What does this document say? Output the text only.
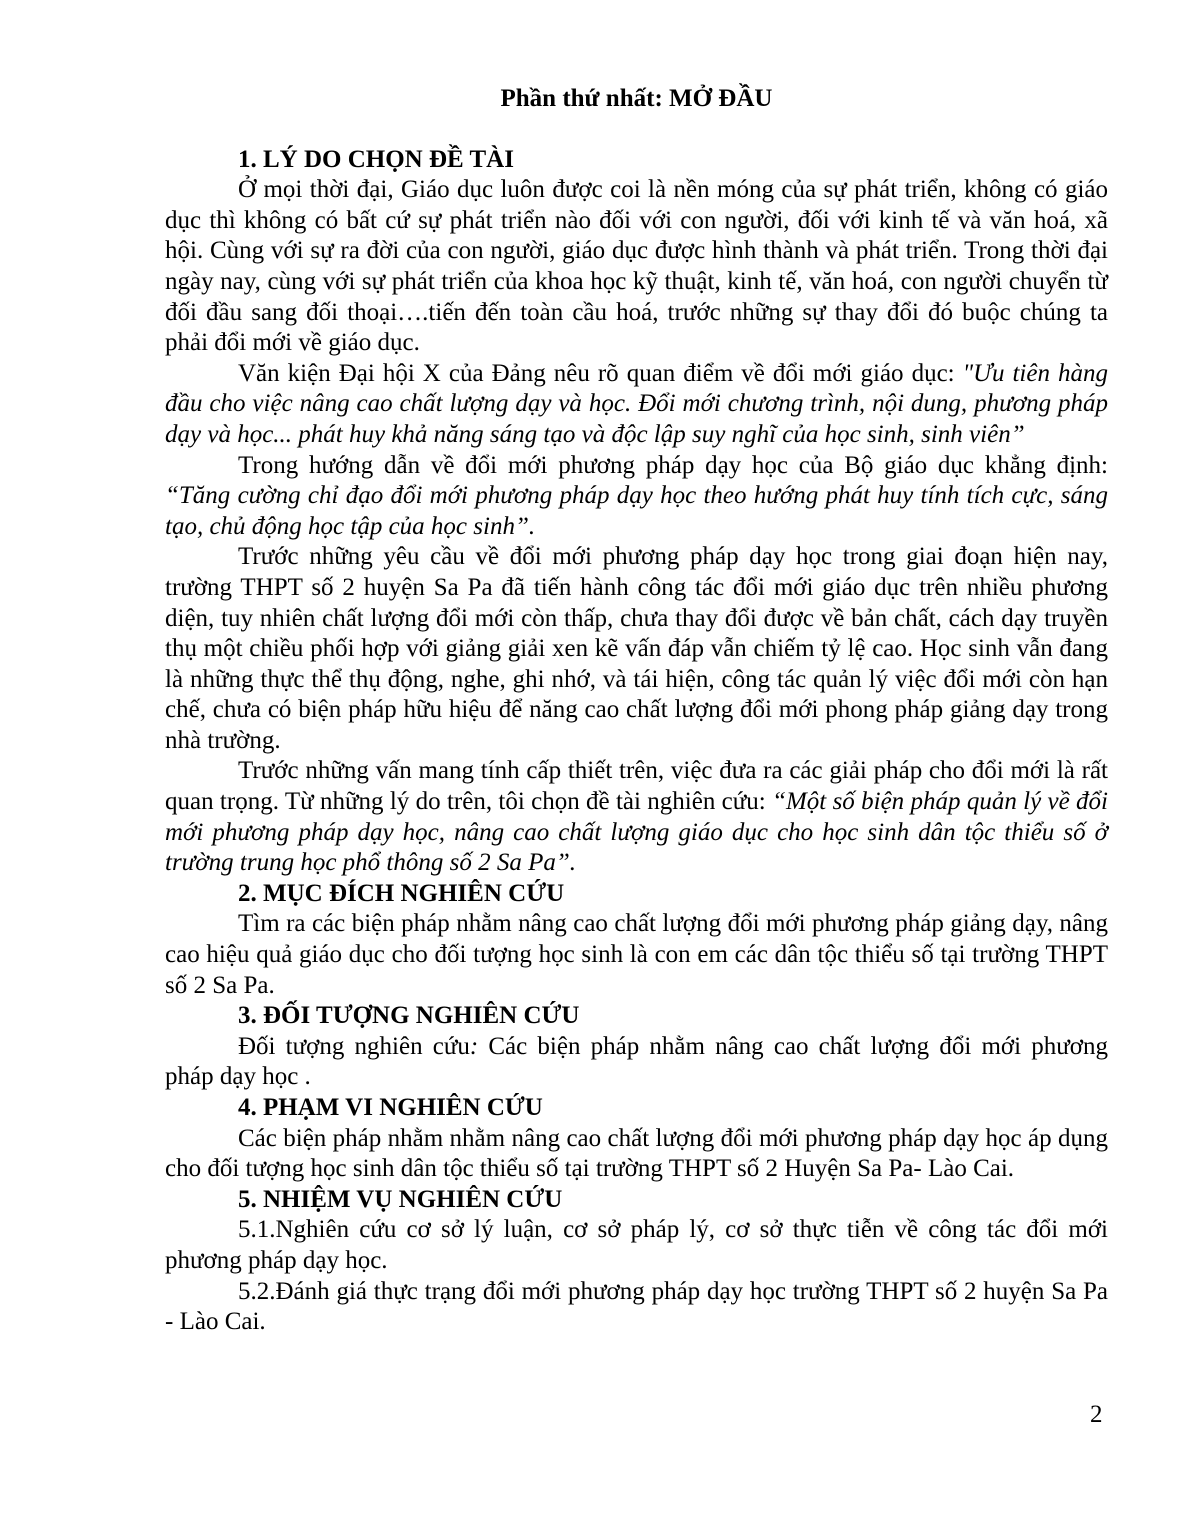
Phần thứ nhất: MỞ ĐẦU

1. LÝ DO CHỌN ĐỀ TÀI

Ở mọi thời đại, Giáo dục luôn được coi là nền móng của sự phát triển, không có giáo dục thì không có bất cứ sự phát triển nào đối với con người, đối với kinh tế và văn hoá, xã hội. Cùng với sự ra đời của con người, giáo dục được hình thành và phát triển. Trong thời đại ngày nay, cùng với sự phát triển của khoa học kỹ thuật, kinh tế, văn hoá, con người chuyển từ đối đầu sang đối thoại….tiến đến toàn cầu hoá, trước những sự thay đổi đó buộc chúng ta phải đổi mới về giáo dục.

Văn kiện Đại hội X của Đảng nêu rõ quan điểm về đổi mới giáo dục: "Ưu tiên hàng đầu cho việc nâng cao chất lượng dạy và học. Đổi mới chương trình, nội dung, phương pháp dạy và học... phát huy khả năng sáng tạo và độc lập suy nghĩ của học sinh, sinh viên”

Trong hướng dẫn về đổi mới phương pháp dạy học của Bộ giáo dục khẳng định: “Tăng cường chỉ đạo đổi mới phương pháp dạy học theo hướng phát huy tính tích cực, sáng tạo, chủ động học tập của học sinh”.

Trước những yêu cầu về đổi mới phương pháp dạy học trong giai đoạn hiện nay, trường THPT số 2 huyện Sa Pa đã tiến hành công tác đổi mới giáo dục trên nhiều phương diện, tuy nhiên chất lượng đổi mới còn thấp, chưa thay đổi được về bản chất, cách dạy truyền thụ một chiều phối hợp với giảng giải xen kẽ vấn đáp vẫn chiếm tỷ lệ cao. Học sinh vẫn đang là những thực thể thụ động, nghe, ghi nhớ, và tái hiện, công tác quản lý việc đổi mới còn hạn chế, chưa có biện pháp hữu hiệu để năng cao chất lượng đổi mới phong pháp giảng dạy trong nhà trường.

Trước những vấn mang tính cấp thiết trên, việc đưa ra các giải pháp cho đổi mới là rất quan trọng. Từ những lý do trên, tôi chọn đề tài nghiên cứu: “Một số biện pháp quản lý về đổi mới phương pháp dạy học, nâng cao chất lượng giáo dục cho học sinh dân tộc thiểu số ở trường trung học phổ thông số 2 Sa Pa”.

2. MỤC ĐÍCH NGHIÊN CỨU

Tìm ra các biện pháp nhằm nâng cao chất lượng đổi mới phương pháp giảng dạy, nâng cao hiệu quả giáo dục cho đối tượng học sinh là con em các dân tộc thiểu số tại trường THPT số 2 Sa Pa.

3. ĐỐI TƯỢNG NGHIÊN CỨU

Đối tượng nghiên cứu: Các biện pháp nhằm nâng cao chất lượng đổi mới phương pháp dạy học .

4. PHẠM VI NGHIÊN CỨU

Các biện pháp nhằm nhằm nâng cao chất lượng đổi mới phương pháp dạy học áp dụng cho đối tượng học sinh dân tộc thiểu số tại trường THPT số 2 Huyện Sa Pa- Lào Cai.

5. NHIỆM VỤ NGHIÊN CỨU

5.1.Nghiên cứu cơ sở lý luận, cơ sở pháp lý, cơ sở thực tiễn về công tác đổi mới phương pháp dạy học.

5.2.Đánh giá thực trạng đổi mới phương pháp dạy học trường THPT số 2 huyện Sa Pa - Lào Cai.

2
